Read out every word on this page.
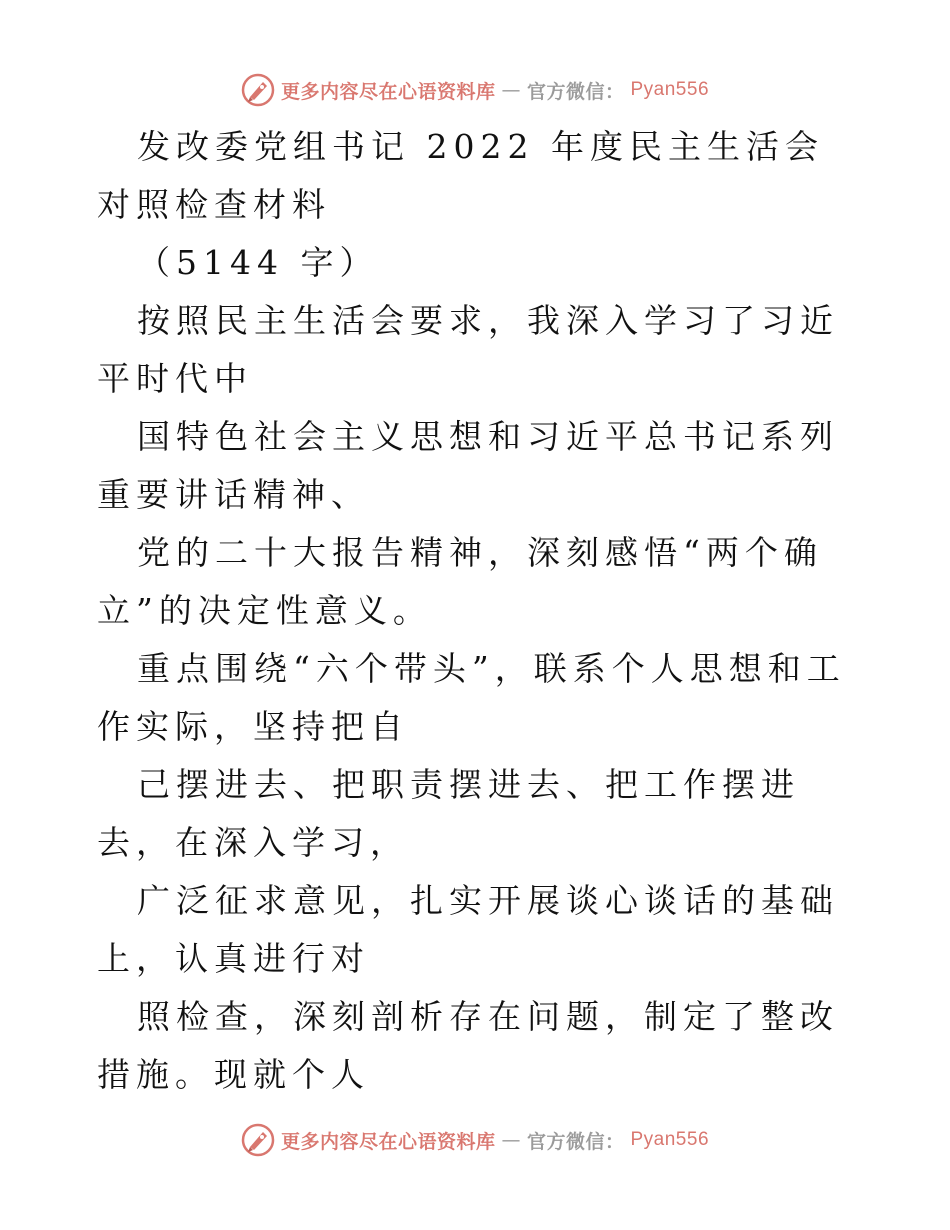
更多内容尽在心语资料库 — 官方微信： Pyan556

发改委党组书记 2022 年度民主生活会对照检查材料

（5144 字）

按照民主生活会要求，我深入学习了习近平时代中

国特色社会主义思想和习近平总书记系列重要讲话精神、

党的二十大报告精神，深刻感悟“两个确立”的决定性意义。

重点围绕“六个带头”，联系个人思想和工作实际，坚持把自

己摆进去、把职责摆进去、把工作摆进去，在深入学习，

广泛征求意见，扎实开展谈心谈话的基础上，认真进行对

照检查，深刻剖析存在问题，制定了整改措施。现就个人

更多内容尽在心语资料库 — 官方微信： Pyan556
